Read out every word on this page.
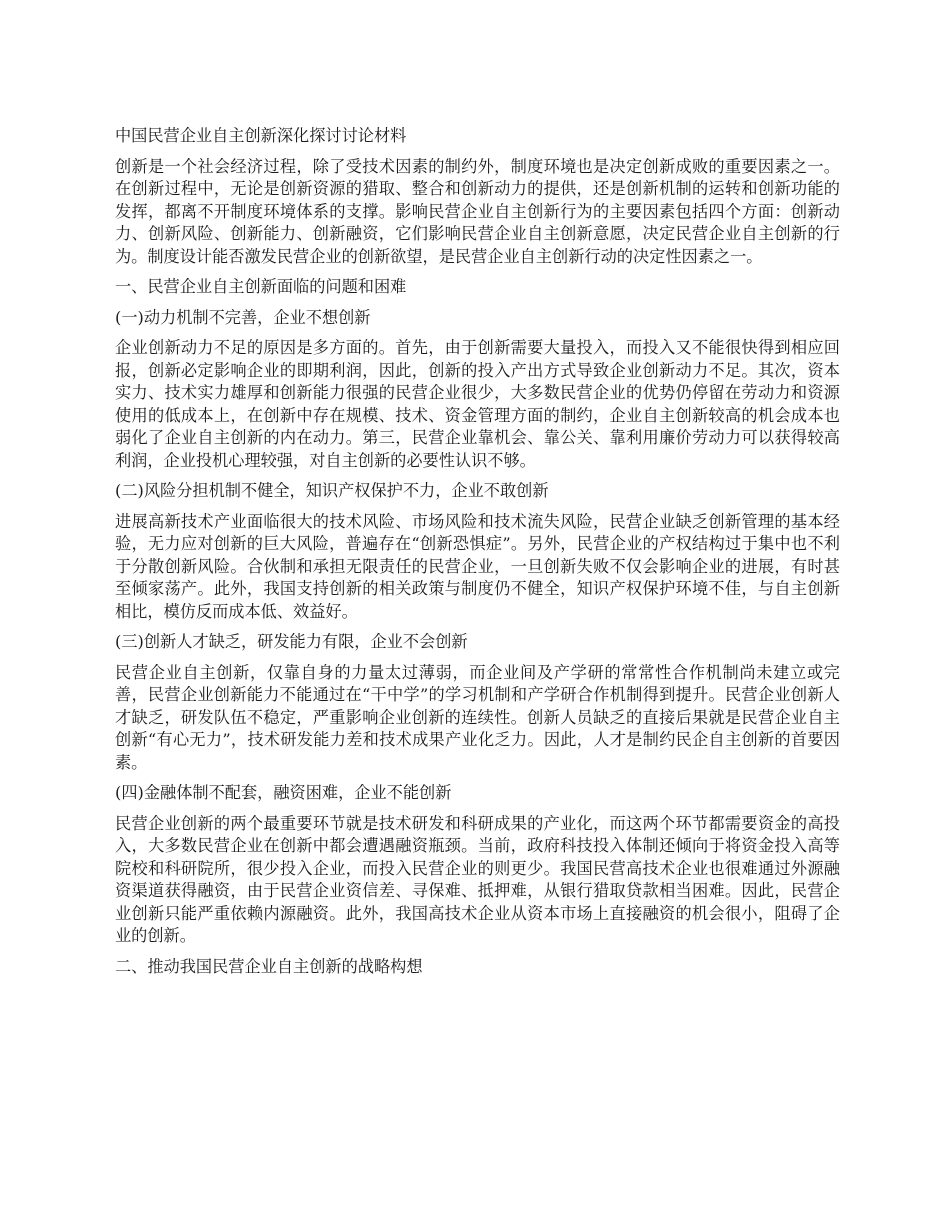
中国民营企业自主创新深化探讨讨论材料

创新是一个社会经济过程，除了受技术因素的制约外，制度环境也是决定创新成败的重要因素之一。在创新过程中，无论是创新资源的猎取、整合和创新动力的提供，还是创新机制的运转和创新功能的发挥，都离不开制度环境体系的支撑。影响民营企业自主创新行为的主要因素包括四个方面：创新动力、创新风险、创新能力、创新融资，它们影响民营企业自主创新意愿，决定民营企业自主创新的行为。制度设计能否激发民营企业的创新欲望，是民营企业自主创新行动的决定性因素之一。

一、民营企业自主创新面临的问题和困难

(一)动力机制不完善，企业不想创新

企业创新动力不足的原因是多方面的。首先，由于创新需要大量投入，而投入又不能很快得到相应回报，创新必定影响企业的即期利润，因此，创新的投入产出方式导致企业创新动力不足。其次，资本实力、技术实力雄厚和创新能力很强的民营企业很少，大多数民营企业的优势仍停留在劳动力和资源使用的低成本上，在创新中存在规模、技术、资金管理方面的制约，企业自主创新较高的机会成本也弱化了企业自主创新的内在动力。第三，民营企业靠机会、靠公关、靠利用廉价劳动力可以获得较高利润，企业投机心理较强，对自主创新的必要性认识不够。

(二)风险分担机制不健全，知识产权保护不力，企业不敢创新

进展高新技术产业面临很大的技术风险、市场风险和技术流失风险，民营企业缺乏创新管理的基本经验，无力应对创新的巨大风险，普遍存在“创新恐惧症”。另外，民营企业的产权结构过于集中也不利于分散创新风险。合伙制和承担无限责任的民营企业，一旦创新失败不仅会影响企业的进展，有时甚至倾家荡产。此外，我国支持创新的相关政策与制度仍不健全，知识产权保护环境不佳，与自主创新相比，模仿反而成本低、效益好。

(三)创新人才缺乏，研发能力有限，企业不会创新

民营企业自主创新，仅靠自身的力量太过薄弱，而企业间及产学研的常常性合作机制尚未建立或完善，民营企业创新能力不能通过在“干中学”的学习机制和产学研合作机制得到提升。民营企业创新人才缺乏，研发队伍不稳定，严重影响企业创新的连续性。创新人员缺乏的直接后果就是民营企业自主创新“有心无力”，技术研发能力差和技术成果产业化乏力。因此，人才是制约民企自主创新的首要因素。

(四)金融体制不配套，融资困难，企业不能创新

民营企业创新的两个最重要环节就是技术研发和科研成果的产业化，而这两个环节都需要资金的高投入，大多数民营企业在创新中都会遭遇融资瓶颈。当前，政府科技投入体制还倾向于将资金投入高等院校和科研院所，很少投入企业，而投入民营企业的则更少。我国民营高技术企业也很难通过外源融资渠道获得融资，由于民营企业资信差、寻保难、抵押难，从银行猎取贷款相当困难。因此，民营企业创新只能严重依赖内源融资。此外，我国高技术企业从资本市场上直接融资的机会很小，阻碍了企业的创新。

二、推动我国民营企业自主创新的战略构想
